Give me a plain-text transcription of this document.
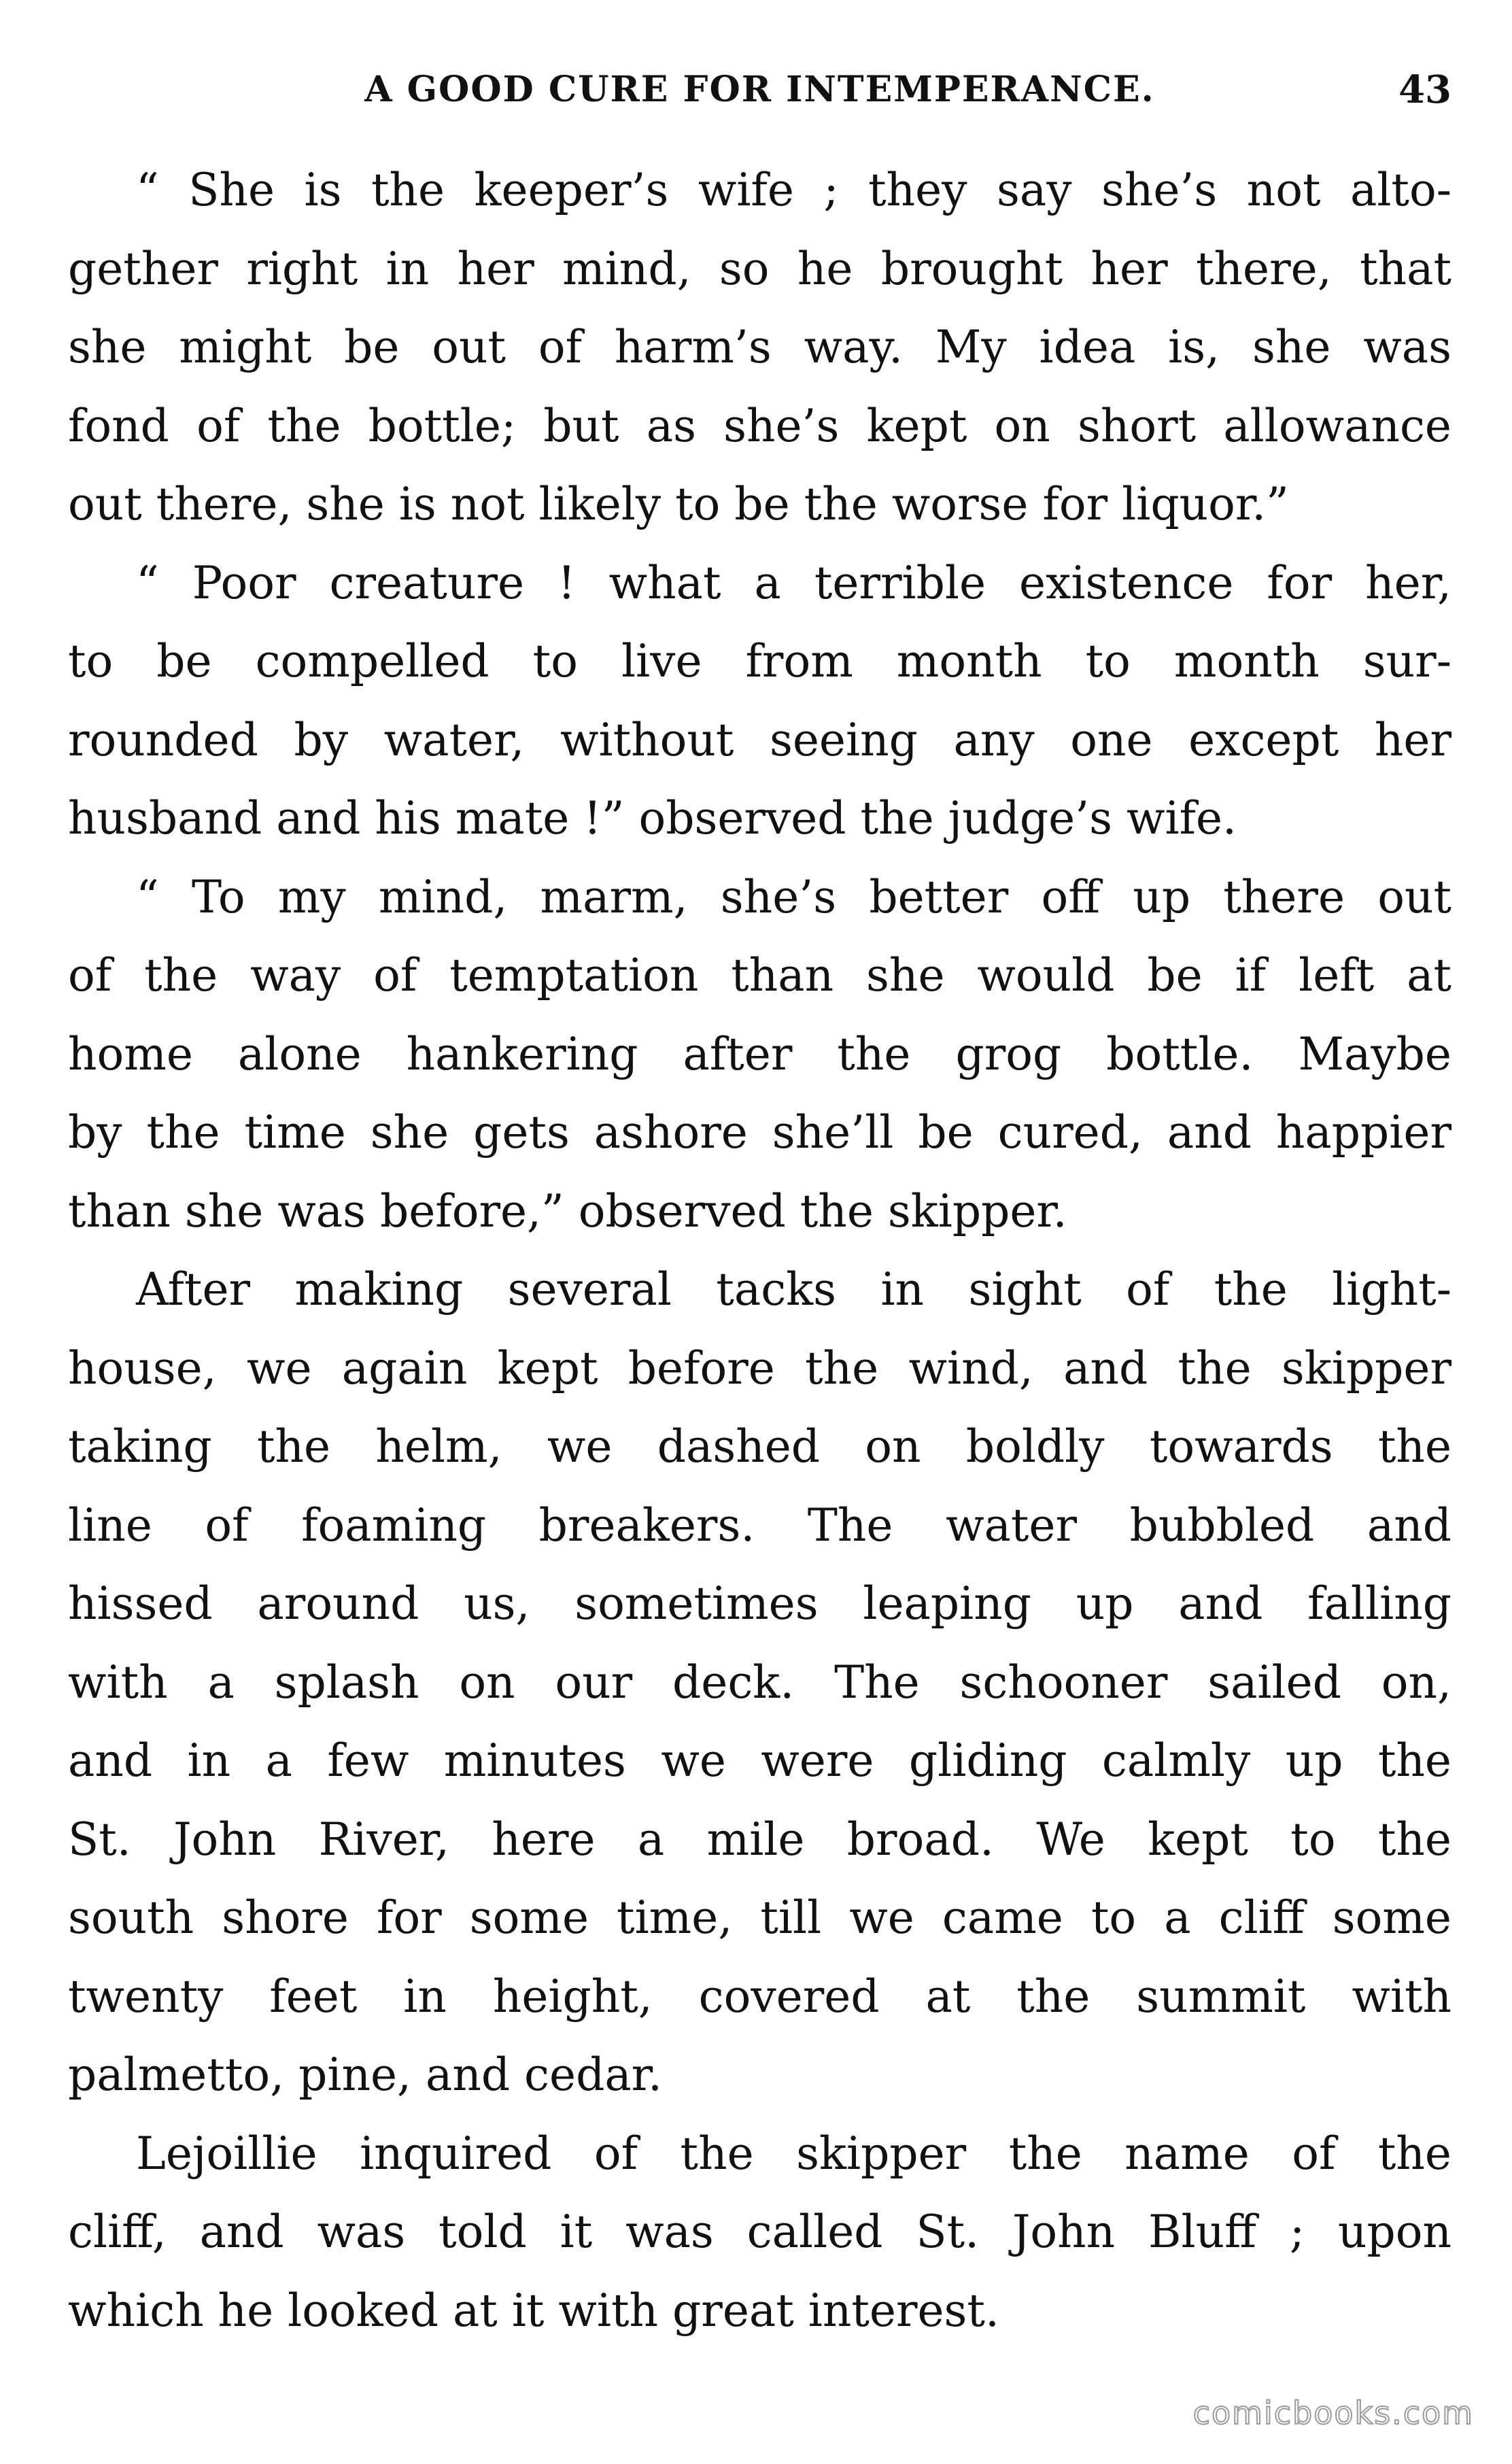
A GOOD CURE FOR INTEMPERANCE.	43

“ She is the keeper’s wife ; they say she’s not alto-
gether right in her mind, so he brought her there, that
she might be out of harm’s way. My idea is, she was
fond of the bottle; but as she’s kept on short allowance
out there, she is not likely to be the worse for liquor.”

“ Poor creature ! what a terrible existence for her,
to be compelled to live from month to month sur-
rounded by water, without seeing any one except her
husband and his mate !” observed the judge’s wife.

“ To my mind, marm, she’s better off up there out
of the way of temptation than she would be if left at
home alone hankering after the grog bottle. Maybe
by the time she gets ashore she’ll be cured, and happier
than she was before,” observed the skipper.

After making several tacks in sight of the light-
house, we again kept before the wind, and the skipper
taking the helm, we dashed on boldly towards the
line of foaming breakers. The water bubbled and
hissed around us, sometimes leaping up and falling
with a splash on our deck. The schooner sailed on,
and in a few minutes we were gliding calmly up the
St. John River, here a mile broad. We kept to the
south shore for some time, till we came to a cliff some
twenty feet in height, covered at the summit with
palmetto, pine, and cedar.

Lejoillie inquired of the skipper the name of the
cliff, and was told it was called St. John Bluff ; upon
which he looked at it with great interest.

comicbooks.com
